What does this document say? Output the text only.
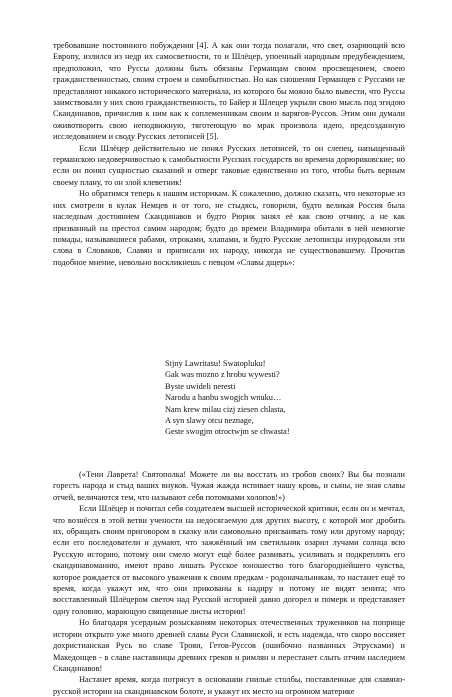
требовавшие постоянного побуждения [4]. А как они тогда полагали, что свет, озаряющий всю Европу, излился из недр их самосветности, то и Шлёцер, упоенный народным предубеждением, предположил, что Руссы должны быть обязаны Германцам своим просвещением, своею гражданственностью, своим строем и самобытностью. Но как сношения Германцев с Руссами не представляют никакого исторического материала, из которого бы можно было вывести, что Руссы заимствовали у них свою гражданственность, то Байер и Шлецер укрыли свою мысль под эгидою Скандинавов, причислив к ним как к соплеменникам своим и варягов-Руссов. Этим они думали оживотворить свою неподвижную, тяготеющую во мрак произвола идею, предсозданную исследованием и своду Русских летописей [5].

Если Шлёцер действительно не понял Русских летописей, то он слепец, напыщенный германскою недоверчивостью к самобытности Русских государств во времена дорюриковские; но если он понял сущностью сказаний и отверг таковые единственно из того, чтобы быть верным своему плану, то он злой клеветник!

Но обратимся теперь к нашим историкам. К сожалению, должно сказать, что некоторые из них смотрели в кулак Немцев и от того, не стыдясь, говорили, будто великая Россия была наследным достоянием Скандинавов и будто Рюрик занял её как свою отчину, а не как призванный на престол самим народом; будто до времен Владимира обитали в ней немногие помады, называвшиеся рабами, отроками, хлапами, и будто Русские летописцы изуродовали эти слова в Словаков, Славян и приписали их народу, никогда не существовавшему. Прочитав подобное мнение, невольно воскликнешь с певцом «Славы дщерь»:

Stjny Lawritasu! Swatopluku!
Gak was mozno z hrobu wywesti?
Byste uwideli neresti
Narodu a hanbu swogjch wnuku…
Nam krew milau cizj ziesen chlasta,
A syn slawy otcu neznage,
Geste swogjm otroctwjm se chwasta!

(«Тени Лаврета! Святополка! Можете ли вы восстать из гробов своих? Вы бы познали горесть народа и стыд ваших внуков. Чужая жажда испивает нашу кровь, и сыны, не зная славы отчей, величаются тем, что называют себя потомками холопов!»)

Если Шлёцер и почитал себя создателем высшей исторической критики, если он и мечтал, что вознёсся в этой ветви учености на недосягаемую для других высоту, с которой мог дробить их, обращать своим приговором в сказку или самовольно присваивать тому или другому народу; если его последователи и думают, что зажжённый им светильник озарил лучами солнца всю Русскую историю, потому они смело могут ещё более развивать, усиливать и подкреплять его скандинавоманию, имеют право лишать Русское юношество того благороднейшего чувства, которое рождается от высокого уважения к своим предкам - родоначальникам, то настанет ещё то время, когда укажут им, что они прикованы к надиру и потому не видят зенита; что восставленный Шлёцером светоч над Русской историей давно догорел и померк и представляет одну головню, марающую священные листы истории!

Но благодаря усердным розысканиям некоторых отечественных тружеников на поприще истории открыто уже много древней славы Руси Славянской, и есть надежда, что скоро воссияет дохристианская Русь во славе Трояи, Гетов-Руссов (ошибочно названных Этрусками) и Македонцев - в славе наставницы древних греков и римлян и перестанет слыть отчим наследием Скандинавов!

Настанет время, когда потрясут в основании гнилые столбы, поставленные для славяно-русской истории на скандинавском болоте, и укажут их место на огромном материке
